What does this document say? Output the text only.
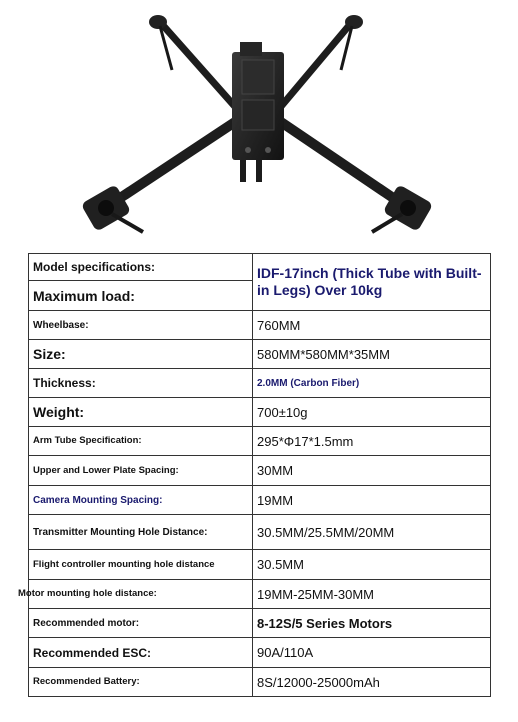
Model specifications:	IDF-17inch (Thick Tube with Built-in Legs) Over 10kg
Maximum load:	
Wheelbase:	760MM
Size:	580MM*580MM*35MM
Thickness:	2.0MM (Carbon Fiber)
Weight:	700±10g
Arm Tube Specification:	295*Φ17*1.5mm
Upper and Lower Plate Spacing:	30MM
Camera Mounting Spacing:	19MM
Transmitter Mounting Hole Distance:	30.5MM/25.5MM/20MM
Flight controller mounting hole distance	30.5MM
Motor mounting hole distance:	19MM-25MM-30MM
Recommended motor:	8-12S/5 Series Motors
Recommended ESC:	90A/110A
Recommended Battery:	8S/12000-25000mAh
